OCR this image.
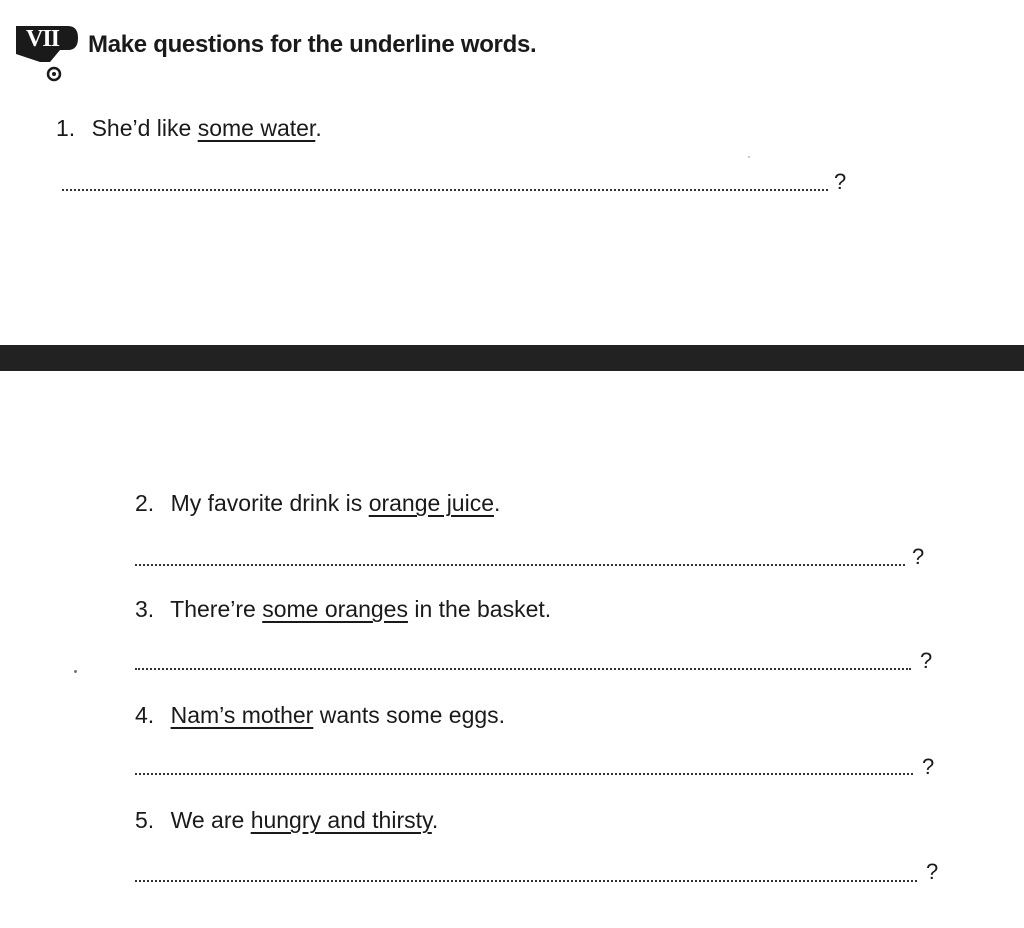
VII Make questions for the underline words.
1. She’d like some water.
?
2. My favorite drink is orange juice.
?
3. There’re some oranges in the basket.
?
4. Nam’s mother wants some eggs.
?
5. We are hungry and thirsty.
?
